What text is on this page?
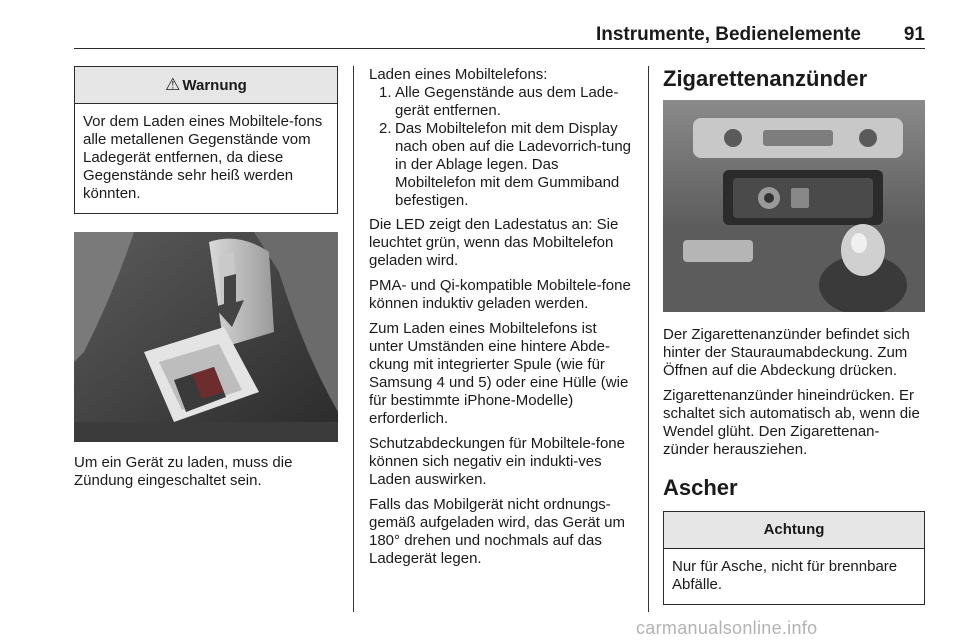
Instrumente, Bedienelemente 91
⚠ Warnung
Vor dem Laden eines Mobiltele-fons alle metallenen Gegenstände vom Ladegerät entfernen, da diese Gegenstände sehr heiß werden könnten.

Um ein Gerät zu laden, muss die Zündung eingeschaltet sein.

Laden eines Mobiltelefons:

1. Alle Gegenstände aus dem Lade-gerät entfernen.
2. Das Mobiltelefon mit dem Display nach oben auf die Ladevorrich-tung in der Ablage legen. Das Mobiltelefon mit dem Gummiband befestigen.

Die LED zeigt den Ladestatus an: Sie leuchtet grün, wenn das Mobiltelefon geladen wird.

PMA- und Qi-kompatible Mobiltele-fone können induktiv geladen werden.

Zum Laden eines Mobiltelefons ist unter Umständen eine hintere Abde-ckung mit integrierter Spule (wie für Samsung 4 und 5) oder eine Hülle (wie für bestimmte iPhone-Modelle) erforderlich.

Schutzabdeckungen für Mobiltele-fone können sich negativ ein indukti-ves Laden auswirken.

Falls das Mobilgerät nicht ordnungs-gemäß aufgeladen wird, das Gerät um 180° drehen und nochmals auf das Ladegerät legen.

Zigarettenanzünder

Der Zigarettenanzünder befindet sich hinter der Stauraumabdeckung. Zum Öffnen auf die Abdeckung drücken.

Zigarettenanzünder hineindrücken. Er schaltet sich automatisch ab, wenn die Wendel glüht. Den Zigarettenan-zünder herausziehen.

Ascher
Achtung
Nur für Asche, nicht für brennbare Abfälle.
carmanualsonline.info
